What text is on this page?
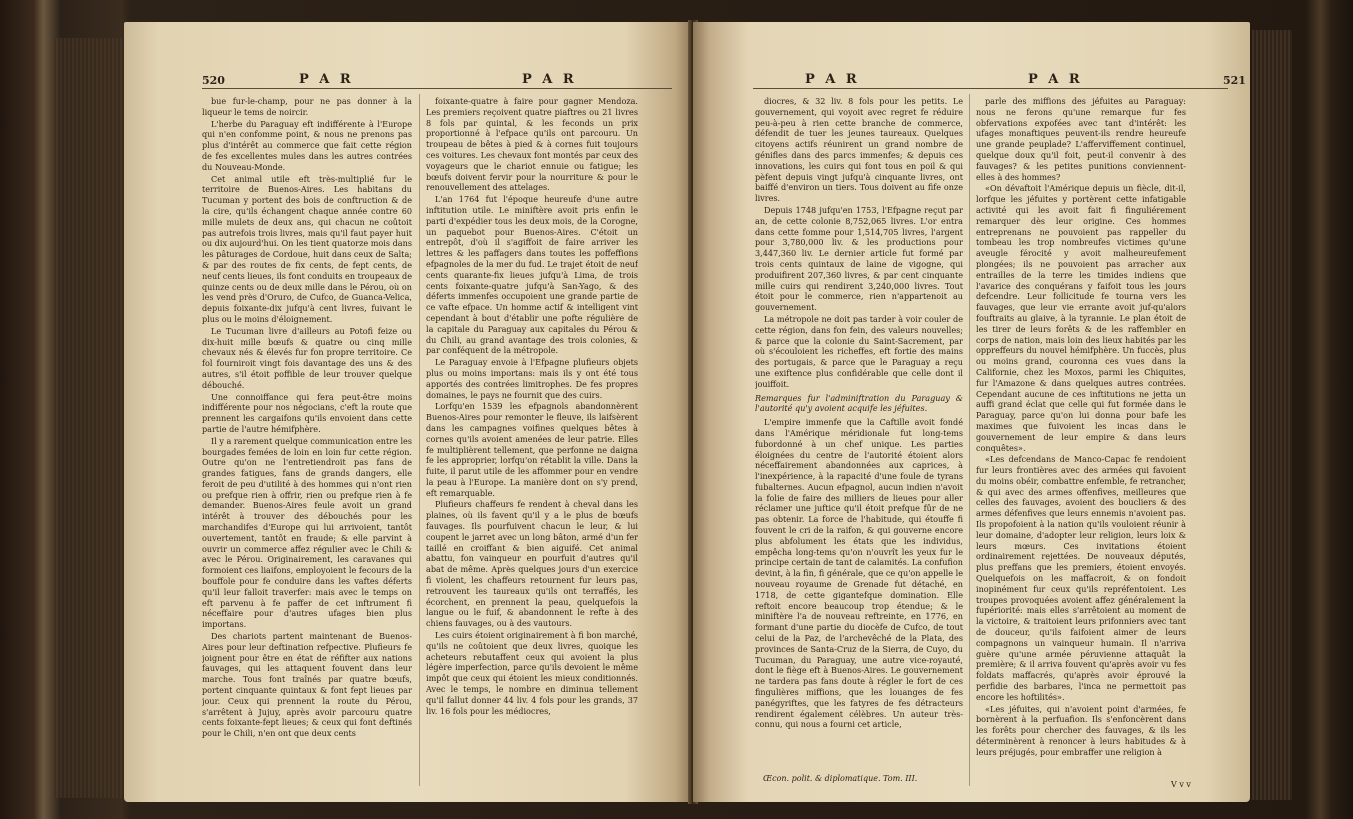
520	P A R	P A R

bue fur-le-champ, pour ne pas donner à la liqueur le tems de noircir.

L'herbe du Paraguay eft indifférente à l'Europe qui n'en confomme point, & nous ne prenons pas plus d'intérêt au commerce que fait cette région de fes excellentes mules dans les autres contrées du Nouveau-Monde.

Cet animal utile eft très-multiplié fur le territoire de Buenos-Aires. Les habitans du Tucuman y portent des bois de conftruction & de la cire, qu'ils échangent chaque année contre 60 mille mulets de deux ans, qui chacun ne coûtoit pas autrefois trois livres, mais qu'il faut payer huit ou dix aujourd'hui. On les tient quatorze mois dans les pâturages de Cordoue, huit dans ceux de Salta; & par des routes de fix cents, de fept cents, de neuf cents lieues, ils font conduits en troupeaux de quinze cents ou de deux mille dans le Pérou, où on les vend près d'Oruro, de Cufco, de Guanca-Velica, depuis foixante-dix jufqu'à cent livres, fuivant le plus ou le moins d'éloignement.

Le Tucuman livre d'ailleurs au Potofi feize ou dix-huit mille bœufs & quatre ou cinq mille chevaux nés & élevés fur fon propre territoire. Ce fol fourniroit vingt fois davantage des uns & des autres, s'il étoit poffible de leur trouver quelque débouché.

Une connoiffance qui fera peut-être moins indifférente pour nos négocians, c'eft la route que prennent les cargaifons qu'ils envoient dans cette partie de l'autre hémifphère.

Il y a rarement quelque communication entre les bourgades femées de loin en loin fur cette région. Outre qu'on ne l'entretiendroit pas fans de grandes fatigues, fans de grands dangers, elle feroit de peu d'utilité à des hommes qui n'ont rien ou prefque rien à offrir, rien ou prefque rien à fe demander. Buenos-Aires feule avoit un grand intérêt à trouver des débouchés pour les marchandifes d'Europe qui lui arrivoient, tantôt ouvertement, tantôt en fraude; & elle parvint à ouvrir un commerce affez régulier avec le Chili & avec le Pérou. Originairement, les caravanes qui formoient ces liaifons, employoient le fecours de la bouffole pour fe conduire dans les vaftes déferts qu'il leur falloit traverfer: mais avec le temps on eft parvenu à fe paffer de cet inftrument fi néceffaire pour d'autres ufages bien plus importans.

Des chariots partent maintenant de Buenos-Aires pour leur deftination refpective. Plufieurs fe joignent pour être en état de réfifter aux nations fauvages, qui les attaquent fouvent dans leur marche. Tous font traînés par quatre bœufs, portent cinquante quintaux & font fept lieues par jour. Ceux qui prennent la route du Pérou, s'arrêtent à Jujuy, après avoir parcouru quatre cents foixante-fept lieues; & ceux qui font deftinés pour le Chili, n'en ont que deux cents

foixante-quatre à faire pour gagner Mendoza. Les premiers reçoivent quatre piaftres ou 21 livres 8 fols par quintal, & les feconds un prix proportionné à l'efpace qu'ils ont parcouru. Un troupeau de bêtes à pied & à cornes fuit toujours ces voitures. Les chevaux font montés par ceux des voyageurs que le chariot ennuie ou fatigue; les bœufs doivent fervir pour la nourriture & pour le renouvellement des attelages.

L'an 1764 fut l'époque heureufe d'une autre inftitution utile. Le miniftère avoit pris enfin le parti d'expédier tous les deux mois, de la Corogne, un paquebot pour Buenos-Aires. C'étoit un entrepôt, d'où il s'agiffoit de faire arriver les lettres & les paffagers dans toutes les poffeffions efpagnoles de la mer du fud. Le trajet étoit de neuf cents quarante-fix lieues jufqu'à Lima, de trois cents foixante-quatre jufqu'à San-Yago, & des déferts immenfes occupoient une grande partie de ce vafte efpace. Un homme actif & intelligent vint cependant à bout d'établir une pofte régulière de la capitale du Paraguay aux capitales du Pérou & du Chili, au grand avantage des trois colonies, & par conféquent de la métropole.

Le Paraguay envoie à l'Efpagne plufieurs objets plus ou moins importans: mais ils y ont été tous apportés des contrées limitrophes. De fes propres domaines, le pays ne fournit que des cuirs.

Lorfqu'en 1539 les efpagnols abandonnèrent Buenos-Aires pour remonter le fleuve, ils laifsèrent dans les campagnes voifines quelques bêtes à cornes qu'ils avoient amenées de leur patrie. Elles fe multiplièrent tellement, que perfonne ne daigna fe les approprier, lorfqu'on rétablit la ville. Dans la fuite, il parut utile de les affommer pour en vendre la peau à l'Europe. La manière dont on s'y prend, eft remarquable.

Plufieurs chaffeurs fe rendent à cheval dans les plaines, où ils favent qu'il y a le plus de bœufs fauvages. Ils pourfuivent chacun le leur, & lui coupent le jarret avec un long bâton, armé d'un fer taillé en croiffant & bien aiguifé. Cet animal abattu, fon vainqueur en pourfuit d'autres qu'il abat de même. Après quelques jours d'un exercice fi violent, les chaffeurs retournent fur leurs pas, retrouvent les taureaux qu'ils ont terraffés, les écorchent, en prennent la peau, quelquefois la langue ou le fuif, & abandonnent le refte à des chiens fauvages, ou à des vautours.

Les cuirs étoient originairement à fi bon marché, qu'ils ne coûtoient que deux livres, quoique les acheteurs rebutaffent ceux qui avoient la plus légère imperfection, parce qu'ils devoient le même impôt que ceux qui étoient les mieux conditionnés. Avec le temps, le nombre en diminua tellement qu'il fallut donner 44 liv. 4 fols pour les grands, 37 liv. 16 fols pour les médiocres,

P A R	P A R	521

diocres, & 32 liv. 8 fols pour les petits. Le gouvernement, qui voyoit avec regret fe réduire peu-à-peu à rien cette branche de commerce, défendit de tuer les jeunes taureaux. Quelques citoyens actifs réunirent un grand nombre de génifles dans des parcs immenfes; & depuis ces innovations, les cuirs qui font tous en poil & qui pèfent depuis vingt jufqu'à cinquante livres, ont baiffé d'environ un tiers. Tous doivent au fife onze livres.

Depuis 1748 jufqu'en 1753, l'Efpagne reçut par an, de cette colonie 8,752,065 livres. L'or entra dans cette fomme pour 1,514,705 livres, l'argent pour 3,780,000 liv. & les productions pour 3,447,360 liv. Le dernier article fut formé par trois cents quintaux de laine de vigogne, qui produifirent 207,360 livres, & par cent cinquante mille cuirs qui rendirent 3,240,000 livres. Tout étoit pour le commerce, rien n'appartenoit au gouvernement.

La métropole ne doit pas tarder à voir couler de cette région, dans fon fein, des valeurs nouvelles; & parce que la colonie du Saint-Sacrement, par où s'écouloient les richeffes, eft fortie des mains des portugais, & parce que le Paraguay a reçu une exiftence plus confidérable que celle dont il jouiffoit.

Remarques fur l'adminiftration du Paraguay & l'autorité qu'y avoient acquife les jéfuites.

L'empire immenfe que la Caftille avoit fondé dans l'Amérique méridionale fut long-tems fubordonné à un chef unique. Les parties éloignées du centre de l'autorité étoient alors néceffairement abandonnées aux caprices, à l'inexpérience, à la rapacité d'une foule de tyrans fubalternes. Aucun efpagnol, aucun indien n'avoit la folie de faire des milliers de lieues pour aller réclamer une juftice qu'il étoit prefque fûr de ne pas obtenir. La force de l'habitude, qui étouffe fi fouvent le cri de la raifon, & qui gouverne encore plus abfolument les états que les individus, empêcha long-tems qu'on n'ouvrît les yeux fur le principe certain de tant de calamités. La confufion devint, à la fin, fi générale, que ce qu'on appelle le nouveau royaume de Grenade fut détaché, en 1718, de cette gigantefque domination. Elle reftoit encore beaucoup trop étendue; & le miniftère l'a de nouveau reftreinte, en 1776, en formant d'une partie du diocèfe de Cufco, de tout celui de la Paz, de l'archevêché de la Plata, des provinces de Santa-Cruz de la Sierra, de Cuyo, du Tucuman, du Paraguay, une autre vice-royauté, dont le fiège eft à Buenos-Aires. Le gouvernement ne tardera pas fans doute à régler le fort de ces fingulières miffions, que les louanges de fes panégyriftes, que les fatyres de fes détracteurs rendirent également célèbres. Un auteur très-connu, qui nous a fourni cet article,

Œcon. polit. & diplomatique. Tom. III.

parle des miffions des jéfuites au Paraguay: nous ne ferons qu'une remarque fur fes obfervations expofées avec tant d'intérêt: les ufages monaftiques peuvent-ils rendre heureufe une grande peuplade? L'afferviffement continuel, quelque doux qu'il foit, peut-il convenir à des fauvages? & les petites punitions conviennent-elles à des hommes?

«On dévaftoit l'Amérique depuis un fiècle, dit-il, lorfque les jéfuites y portèrent cette infatigable activité qui les avoit fait fi finguliérement remarquer dès leur origine. Ces hommes entreprenans ne pouvoient pas rappeller du tombeau les trop nombreufes victimes qu'une aveugle férocité y avoit malheureufement plongées; ils ne pouvoient pas arracher aux entrailles de la terre les timides indiens que l'avarice des conquérans y faifoit tous les jours defcendre. Leur follicitude fe tourna vers les fauvages, que leur vie errante avoit juf-qu'alors fouftraits au glaive, à la tyrannie. Le plan étoit de les tirer de leurs forêts & de les raffembler en corps de nation, mais loin des lieux habités par les oppreffeurs du nouvel hémifphère. Un fuccès, plus ou moins grand, couronna ces vues dans la Californie, chez les Moxos, parmi les Chiquites, fur l'Amazone & dans quelques autres contrées. Cependant aucune de ces inftitutions ne jetta un auffi grand éclat que celle qui fut formée dans le Paraguay, parce qu'on lui donna pour bafe les maximes que fuivoient les incas dans le gouvernement de leur empire & dans leurs conquêtes».

«Les defcendans de Manco-Capac fe rendoient fur leurs frontières avec des armées qui favoient du moins obéir, combattre enfemble, fe retrancher, & qui avec des armes offenfives, meilleures que celles des fauvages, avoient des boucliers & des armes défenfives que leurs ennemis n'avoient pas. Ils propofoient à la nation qu'ils vouloient réunir à leur domaine, d'adopter leur religion, leurs loix & leurs mœurs. Ces invitations étoient ordinairement rejettées. De nouveaux députés, plus preffans que les premiers, étoient envoyés. Quelquefois on les maffacroit, & on fondoit inopinément fur ceux qu'ils repréfentoient. Les troupes provoquées avoient affez généralement la fupériorité: mais elles s'arrêtoient au moment de la victoire, & traitoient leurs prifonniers avec tant de douceur, qu'ils faifoient aimer de leurs compagnons un vainqueur humain. Il n'arriva guère qu'une armée péruvienne attaquât la première; & il arriva fouvent qu'après avoir vu fes foldats maffacrés, qu'après avoir éprouvé la perfidie des barbares, l'inca ne permettoit pas encore les hoftilités».

«Les jéfuites, qui n'avoient point d'armées, fe bornèrent à la perfuafion. Ils s'enfoncèrent dans les forêts pour chercher des fauvages, & ils les déterminèrent à renoncer à leurs habitudes & à leurs préjugés, pour embraffer une religion à

V v v
